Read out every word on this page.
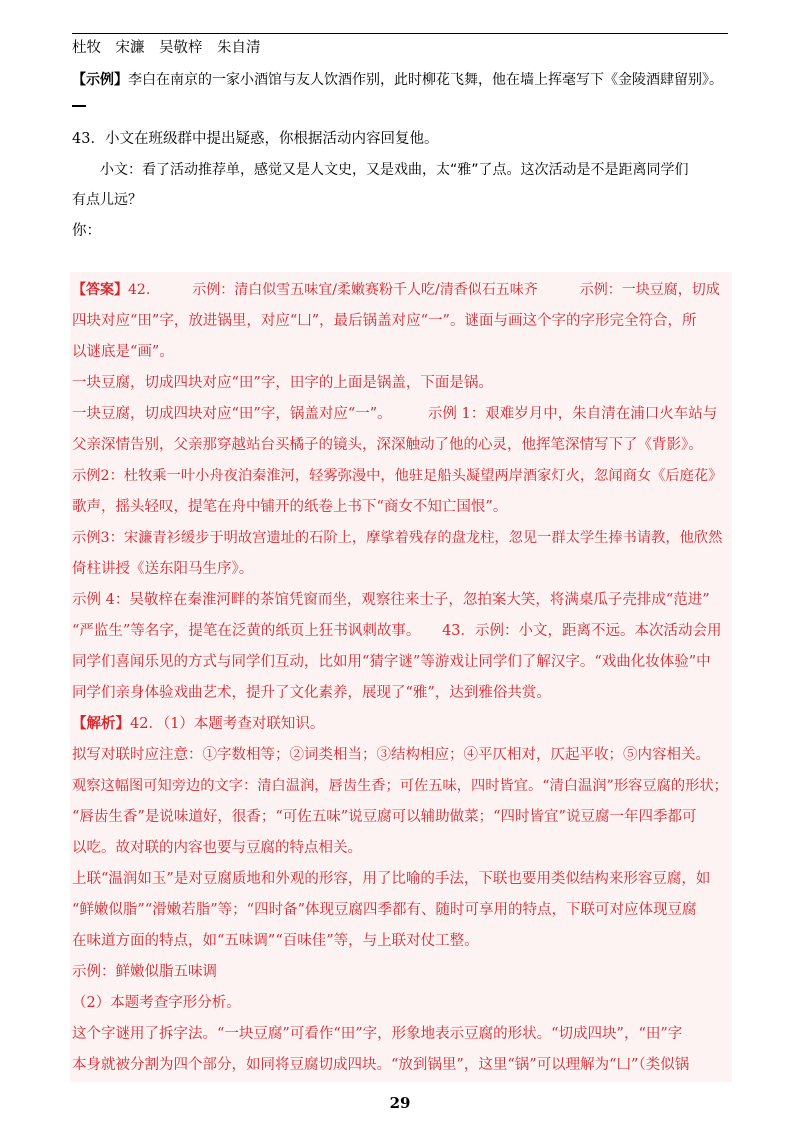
杜牧　宋濂　吴敬梓　朱自清
【示例】李白在南京的一家小酒馆与友人饮酒作别，此时柳花飞舞，他在墙上挥毫写下《金陵酒肆留别》。
43．小文在班级群中提出疑惑，你根据活动内容回复他。
小文：看了活动推荐单，感觉又是人文史，又是戏曲，太“雅”了点。这次活动是不是距离同学们
有点儿远？
你：
【答案】42.　　　示例：清白似雪五味宜/柔嫩赛粉千人吃/清香似石五味齐　　　示例：一块豆腐，切成
四块对应“田”字，放进锅里，对应“凵”，最后锅盖对应“一”。谜面与画这个字的字形完全符合，所
以谜底是“画”。
一块豆腐，切成四块对应“田”字，田字的上面是锅盖，下面是锅。
一块豆腐，切成四块对应“田”字，锅盖对应“一”。　　　示例 1：艰难岁月中，朱自清在浦口火车站与
父亲深情告别，父亲那穿越站台买橘子的镜头，深深触动了他的心灵，他挥笔深情写下了《背影》。
示例2：杜牧乘一叶小舟夜泊秦淮河，轻雾弥漫中，他驻足船头凝望两岸酒家灯火，忽闻商女《后庭花》
歌声，摇头轻叹，提笔在舟中铺开的纸卷上书下“商女不知亡国恨”。
示例3：宋濂青衫缓步于明故宫遗址的石阶上，摩挲着残存的盘龙柱，忽见一群太学生捧书请教，他欣然
倚柱讲授《送东阳马生序》。
示例 4：吴敬梓在秦淮河畔的茶馆凭窗而坐，观察往来士子，忽拍案大笑，将满桌瓜子壳排成“范进”
“严监生”等名字，提笔在泛黄的纸页上狂书讽刺故事。　　43．示例：小文，距离不远。本次活动会用
同学们喜闻乐见的方式与同学们互动，比如用“猜字谜”等游戏让同学们了解汉字。“戏曲化妆体验”中
同学们亲身体验戏曲艺术，提升了文化素养，展现了“雅”，达到雅俗共赏。
【解析】42．（1）本题考查对联知识。
拟写对联时应注意：①字数相等；②词类相当；③结构相应；④平仄相对，仄起平收；⑤内容相关。
观察这幅图可知旁边的文字：清白温润，唇齿生香；可佐五味，四时皆宜。“清白温润”形容豆腐的形状；
“唇齿生香”是说味道好，很香；“可佐五味”说豆腐可以辅助做菜；“四时皆宜”说豆腐一年四季都可
以吃。故对联的内容也要与豆腐的特点相关。
上联“温润如玉”是对豆腐质地和外观的形容，用了比喻的手法，下联也要用类似结构来形容豆腐，如
“鲜嫩似脂”“滑嫩若脂”等；“四时备”体现豆腐四季都有、随时可享用的特点，下联可对应体现豆腐
在味道方面的特点，如“五味调”“百味佳”等，与上联对仗工整。
示例：鲜嫩似脂五味调
（2）本题考查字形分析。
这个字谜用了拆字法。“一块豆腐”可看作“田”字，形象地表示豆腐的形状。“切成四块”，“田”字
本身就被分割为四个部分，如同将豆腐切成四块。“放到锅里”，这里“锅”可以理解为“凵”（类似锅
29
